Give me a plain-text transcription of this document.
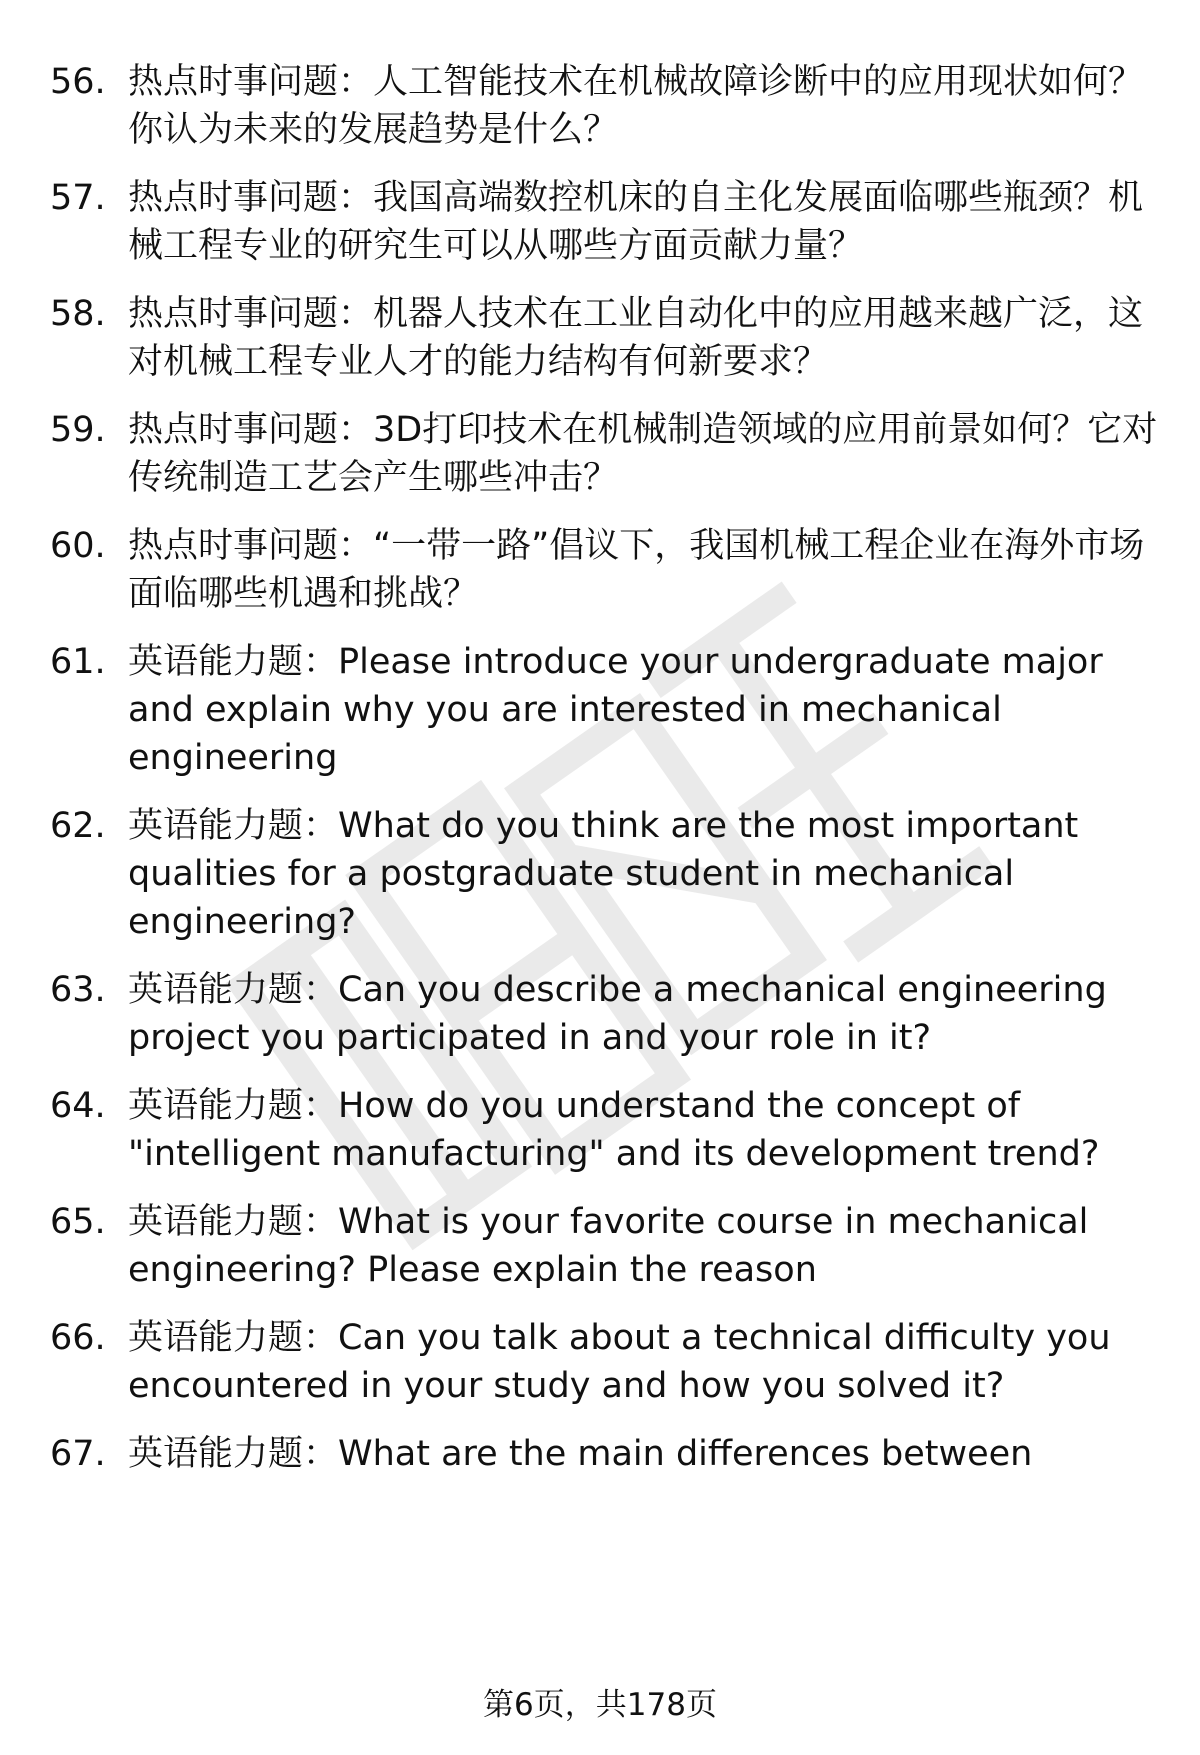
56. 热点时事问题：人工智能技术在机械故障诊断中的应用现状如何？你认为未来的发展趋势是什么？
57. 热点时事问题：我国高端数控机床的自主化发展面临哪些瓶颈？机械工程专业的研究生可以从哪些方面贡献力量？
58. 热点时事问题：机器人技术在工业自动化中的应用越来越广泛，这对机械工程专业人才的能力结构有何新要求？
59. 热点时事问题：3D打印技术在机械制造领域的应用前景如何？它对传统制造工艺会产生哪些冲击？
60. 热点时事问题：“一带一路”倡议下，我国机械工程企业在海外市场面临哪些机遇和挑战？
61. 英语能力题：Please introduce your undergraduate major and explain why you are interested in mechanical engineering
62. 英语能力题：What do you think are the most important qualities for a postgraduate student in mechanical engineering?
63. 英语能力题：Can you describe a mechanical engineering project you participated in and your role in it?
64. 英语能力题：How do you understand the concept of "intelligent manufacturing" and its development trend?
65. 英语能力题：What is your favorite course in mechanical engineering? Please explain the reason
66. 英语能力题：Can you talk about a technical difficulty you encountered in your study and how you solved it?
67. 英语能力题：What are the main differences between
第6页，共178页
